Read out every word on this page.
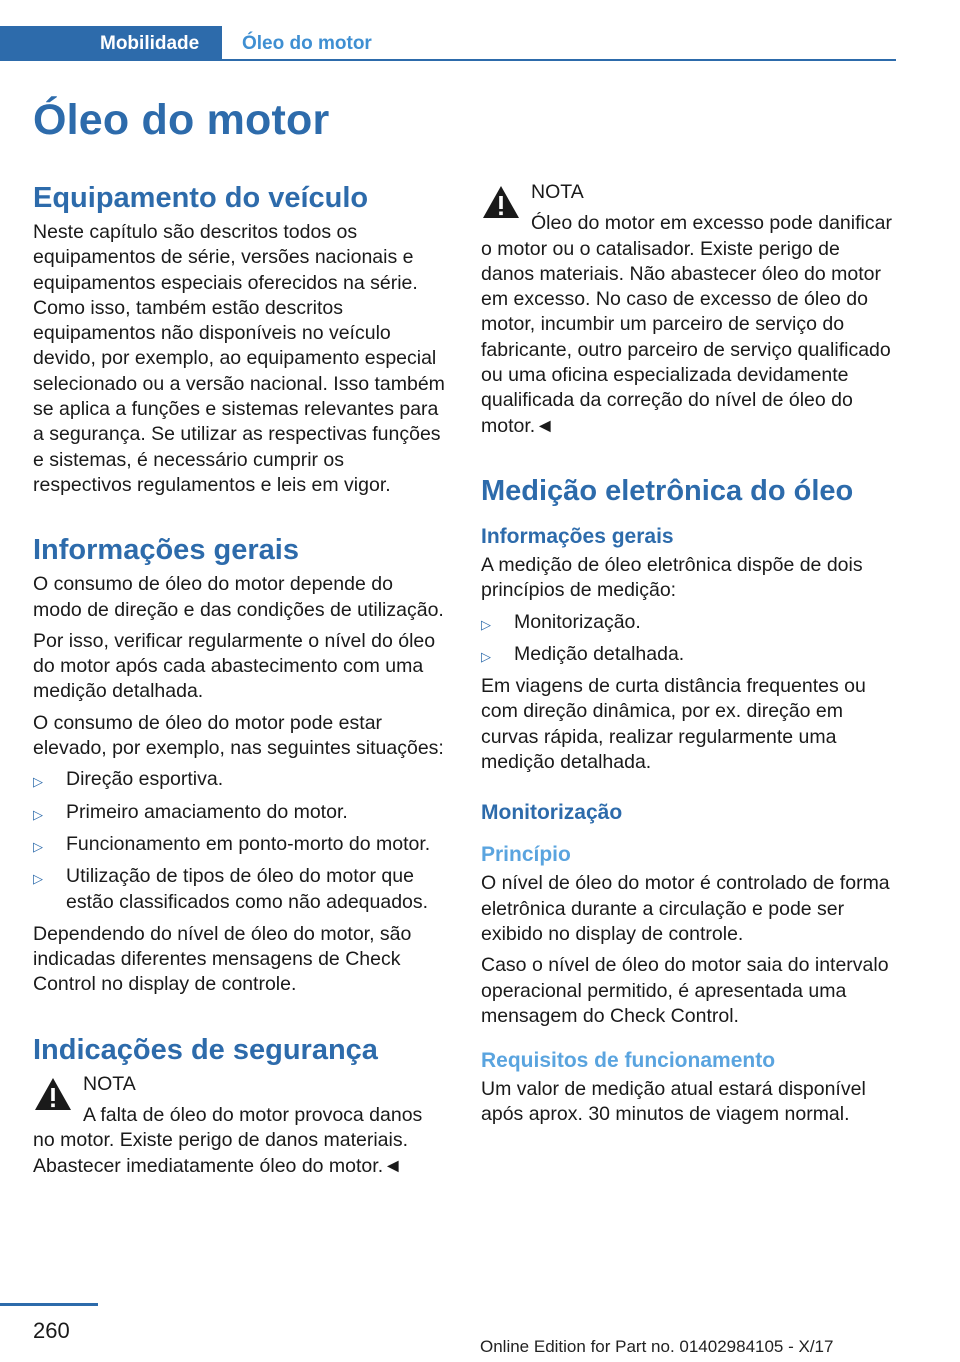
Mobilidade	Óleo do motor
Óleo do motor
Equipamento do veículo

Neste capítulo são descritos todos os equipamentos de série, versões nacionais e equipamentos especiais oferecidos na série. Como isso, também estão descritos equipamentos não disponíveis no veículo devido, por exemplo, ao equipamento especial selecionado ou a versão nacional. Isso também se aplica a funções e sistemas relevantes para a segurança. Se utilizar as respectivas funções e sistemas, é necessário cumprir os respectivos regulamentos e leis em vigor.

Informações gerais

O consumo de óleo do motor depende do modo de direção e das condições de utilização.

Por isso, verificar regularmente o nível do óleo do motor após cada abastecimento com uma medição detalhada.

O consumo de óleo do motor pode estar elevado, por exemplo, nas seguintes situações:

▷ Direção esportiva.
▷ Primeiro amaciamento do motor.
▷ Funcionamento em ponto-morto do motor.
▷ Utilização de tipos de óleo do motor que estão classificados como não adequados.

Dependendo do nível de óleo do motor, são indicadas diferentes mensagens de Check Control no display de controle.

Indicações de segurança
NOTA
A falta de óleo do motor provoca danos no motor. Existe perigo de danos materiais. Abastecer imediatamente óleo do motor.◄
NOTA
Óleo do motor em excesso pode danificar o motor ou o catalisador. Existe perigo de danos materiais. Não abastecer óleo do motor em excesso. No caso de excesso de óleo do motor, incumbir um parceiro de serviço do fabricante, outro parceiro de serviço qualificado ou uma oficina especializada devidamente qualificada da correção do nível de óleo do motor.◄
Medição eletrônica do óleo
Informações gerais

A medição de óleo eletrônica dispõe de dois princípios de medição:

▷ Monitorização.
▷ Medição detalhada.

Em viagens de curta distância frequentes ou com direção dinâmica, por ex. direção em curvas rápida, realizar regularmente uma medição detalhada.

Monitorização
Princípio

O nível de óleo do motor é controlado de forma eletrônica durante a circulação e pode ser exibido no display de controle.

Caso o nível de óleo do motor saia do intervalo operacional permitido, é apresentada uma mensagem do Check Control.

Requisitos de funcionamento

Um valor de medição atual estará disponível após aprox. 30 minutos de viagem normal.

260
Online Edition for Part no. 01402984105 - X/17
